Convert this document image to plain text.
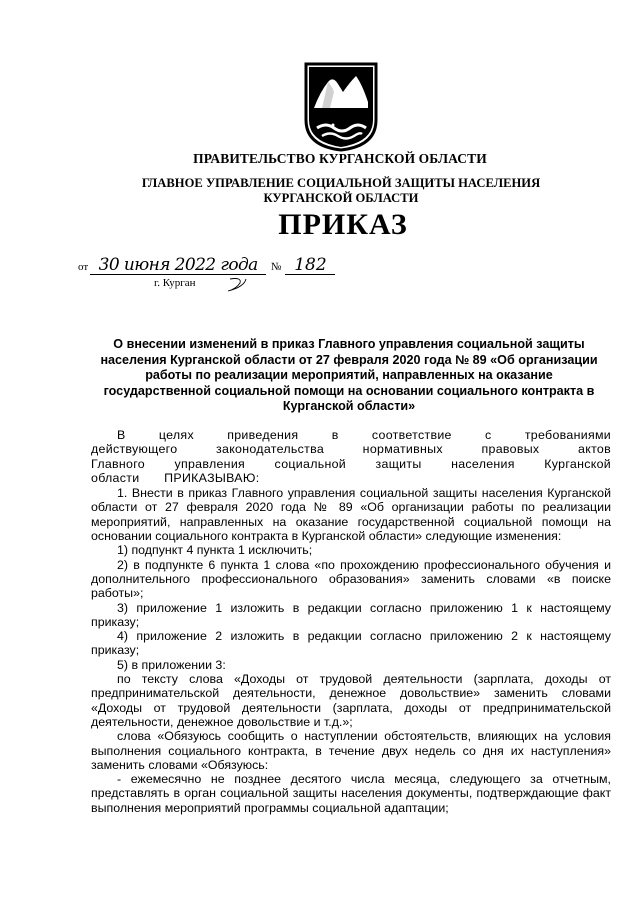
ПРАВИТЕЛЬСТВО КУРГАНСКОЙ ОБЛАСТИ
ГЛАВНОЕ УПРАВЛЕНИЕ СОЦИАЛЬНОЙ ЗАЩИТЫ НАСЕЛЕНИЯ
КУРГАНСКОЙ ОБЛАСТИ
ПРИКАЗ
от 30 июня 2022 года № 182
г. Курган
О внесении изменений в приказ Главного управления социальной защиты населения Курганской области от 27 февраля 2020 года № 89 «Об организации работы по реализации мероприятий, направленных на оказание государственной социальной помощи на основании социального контракта в Курганской области»

В целях приведения в соответствие с требованиями действующего законодательства нормативных правовых актов Главного управления социальной защиты населения Курганской области ПРИКАЗЫВАЮ:

1. Внести в приказ Главного управления социальной защиты населения Курганской области от 27 февраля 2020 года № 89 «Об организации работы по реализации мероприятий, направленных на оказание государственной социальной помощи на основании социального контракта в Курганской области» следующие изменения:

1) подпункт 4 пункта 1 исключить;

2) в подпункте 6 пункта 1 слова «по прохождению профессионального обучения и дополнительного профессионального образования» заменить словами «в поиске работы»;

3) приложение 1 изложить в редакции согласно приложению 1 к настоящему приказу;

4) приложение 2 изложить в редакции согласно приложению 2 к настоящему приказу;

5) в приложении 3:

по тексту слова «Доходы от трудовой деятельности (зарплата, доходы от предпринимательской деятельности, денежное довольствие» заменить словами «Доходы от трудовой деятельности (зарплата, доходы от предпринимательской деятельности, денежное довольствие и т.д.»;

слова «Обязуюсь сообщить о наступлении обстоятельств, влияющих на условия выполнения социального контракта, в течение двух недель со дня их наступления» заменить словами «Обязуюсь:

- ежемесячно не позднее десятого числа месяца, следующего за отчетным, представлять в орган социальной защиты населения документы, подтверждающие факт выполнения мероприятий программы социальной адаптации;
